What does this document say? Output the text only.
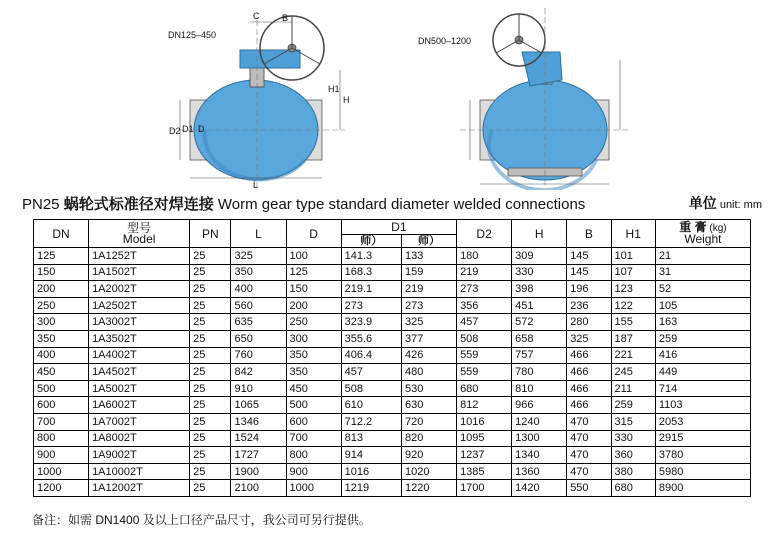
DN125–450
DN500–1200
C	B
H
H1
D2 D1 D
L
PN25 蜗轮式标准径对焊连接 Worm gear type standard diameter welded connections	单位 unit: mm
DN	型号
Model	PN	L	D	D1		D2	H	B	H1	重 膏 (kg)
Weight

					师）	师）					
125	1A1252T	25	325	100	141.3	133	180	309	145	101	21
150	1A1502T	25	350	125	168.3	159	219	330	145	107	31
200	1A2002T	25	400	150	219.1	219	273	398	196	123	52
250	1A2502T	25	560	200	273	273	356	451	236	122	105
300	1A3002T	25	635	250	323.9	325	457	572	280	155	163
350	1A3502T	25	650	300	355.6	377	508	658	325	187	259
400	1A4002T	25	760	350	406.4	426	559	757	466	221	416
450	1A4502T	25	842	350	457	480	559	780	466	245	449
500	1A5002T	25	910	450	508	530	680	810	466	211	714
600	1A6002T	25	1065	500	610	630	812	966	466	259	1103
700	1A7002T	25	1346	600	712.2	720	1016	1240	470	315	2053
800	1A8002T	25	1524	700	813	820	1095	1300	470	330	2915
900	1A9002T	25	1727	800	914	920	1237	1340	470	360	3780
1000	1A10002T	25	1900	900	1016	1020	1385	1360	470	380	5980
1200	1A12002T	25	2100	1000	1219	1220	1700	1420	550	680	8900
备注：如需 DN1400 及以上口径产品尺寸，我公司可另行提供。
